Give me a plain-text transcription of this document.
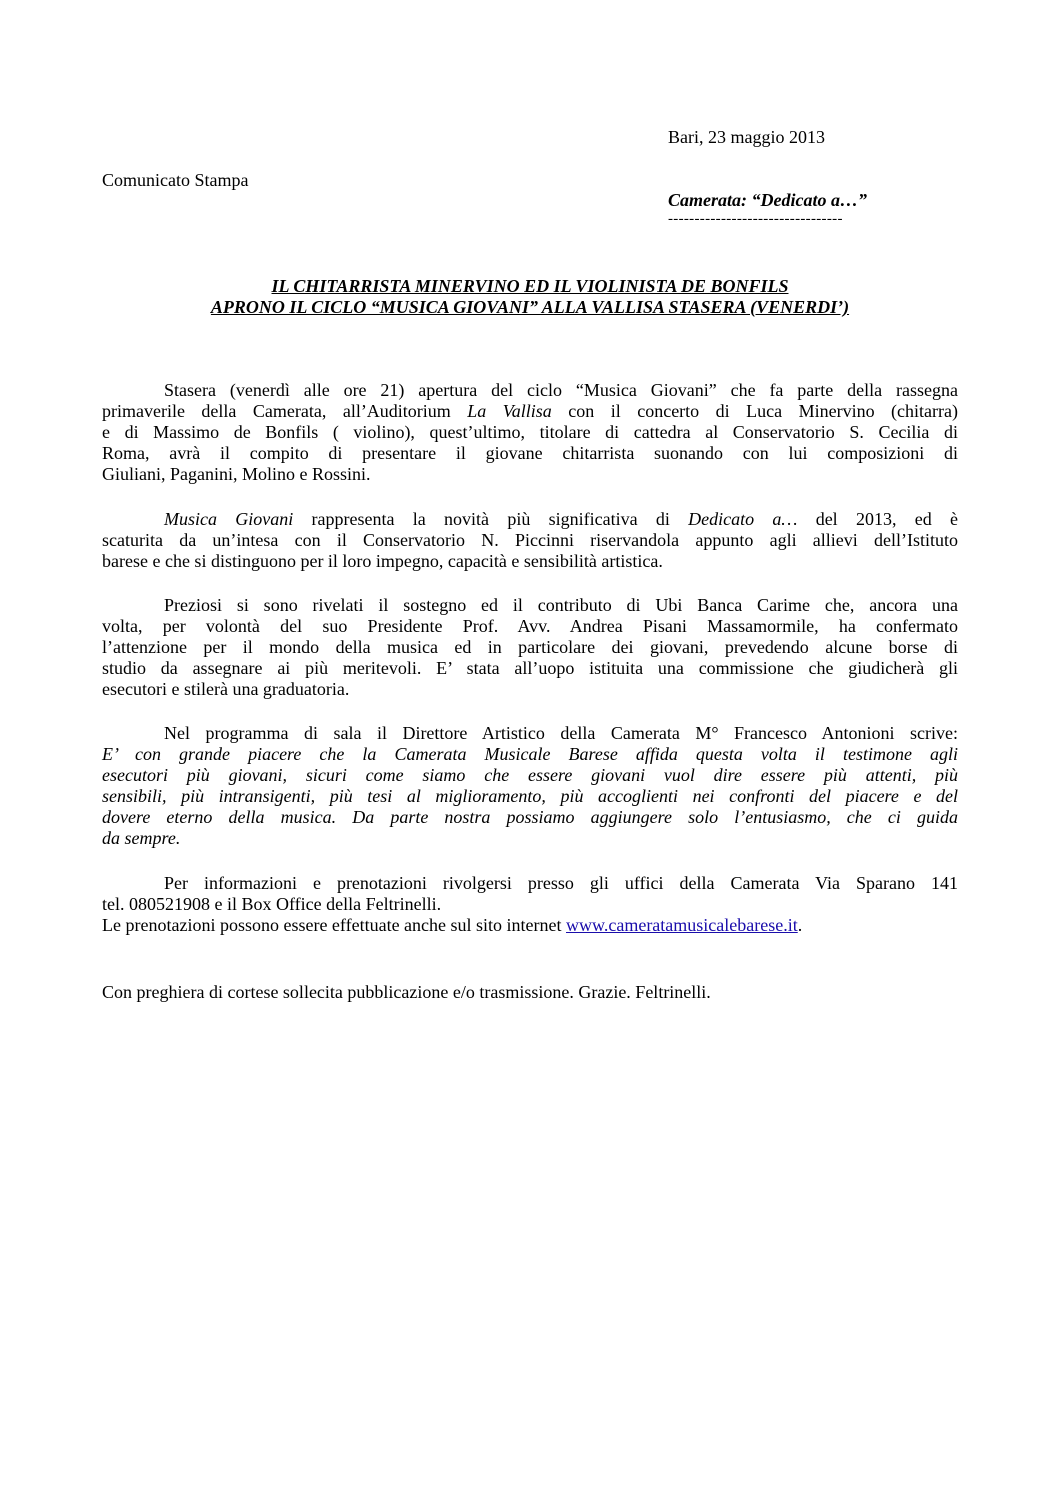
Bari, 23 maggio 2013
Comunicato Stampa
Camerata: “Dedicato a…”
---------------------------------
IL CHITARRISTA MINERVINO ED IL VIOLINISTA DE BONFILS
APRONO IL CICLO “MUSICA GIOVANI” ALLA VALLISA STASERA (VENERDI’)
Stasera (venerdì alle ore 21) apertura del ciclo “Musica Giovani” che fa parte della rassegna
primaverile della Camerata, all’Auditorium La Vallisa con il concerto di Luca Minervino (chitarra)
e di Massimo de Bonfils ( violino), quest’ultimo, titolare di cattedra al Conservatorio S. Cecilia di
Roma, avrà il compito di presentare il giovane chitarrista suonando con lui composizioni di
Giuliani, Paganini, Molino e Rossini.
Musica Giovani rappresenta la novità più significativa di Dedicato a… del 2013, ed è
scaturita da un’intesa con il Conservatorio N. Piccinni riservandola appunto agli allievi dell’Istituto
barese e che si distinguono per il loro impegno, capacità e sensibilità artistica.
Preziosi si sono rivelati il sostegno ed il contributo di Ubi Banca Carime che, ancora una
volta, per volontà del suo Presidente Prof. Avv. Andrea Pisani Massamormile, ha confermato
l’attenzione per il mondo della musica ed in particolare dei giovani, prevedendo alcune borse di
studio da assegnare ai più meritevoli. E’ stata all’uopo istituita una commissione che giudicherà gli
esecutori e stilerà una graduatoria.
Nel programma di sala il Direttore Artistico della Camerata M° Francesco Antonioni scrive:
E’ con grande piacere che la Camerata Musicale Barese affida questa volta il testimone agli
esecutori più giovani, sicuri come siamo che essere giovani vuol dire essere più attenti, più
sensibili, più intransigenti, più tesi al miglioramento, più accoglienti nei confronti del piacere e del
dovere eterno della musica. Da parte nostra possiamo aggiungere solo l’entusiasmo, che ci guida
da sempre.
Per informazioni e prenotazioni rivolgersi presso gli uffici della Camerata Via Sparano 141
tel. 080521908 e il Box Office della Feltrinelli.
Le prenotazioni possono essere effettuate anche sul sito internet www.cameratamusicalebarese.it.
Con preghiera di cortese sollecita pubblicazione e/o trasmissione. Grazie. Feltrinelli.
